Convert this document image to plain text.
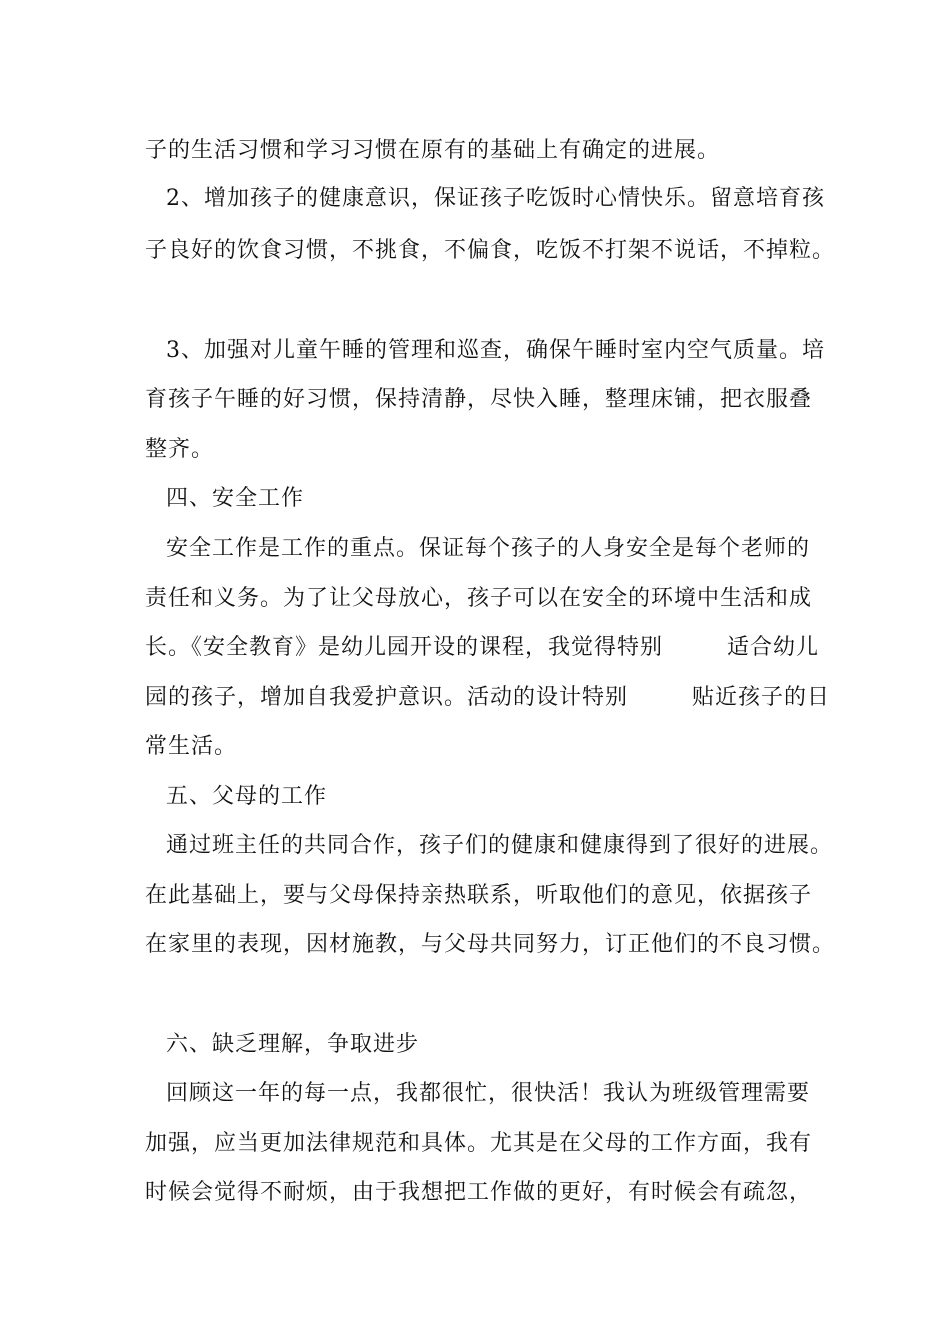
子的生活习惯和学习习惯在原有的基础上有确定的进展。
2、增加孩子的健康意识，保证孩子吃饭时心情快乐。留意培育孩
子良好的饮食习惯，不挑食，不偏食，吃饭不打架不说话，不掉粒。
3、加强对儿童午睡的管理和巡查，确保午睡时室内空气质量。培
育孩子午睡的好习惯，保持清静，尽快入睡，整理床铺，把衣服叠
整齐。
四、安全工作
安全工作是工作的重点。保证每个孩子的人身安全是每个老师的
责任和义务。为了让父母放心，孩子可以在安全的环境中生活和成
长。《安全教育》是幼儿园开设的课程，我觉得特别        适合幼儿
园的孩子，增加自我爱护意识。活动的设计特别        贴近孩子的日
常生活。
五、父母的工作
通过班主任的共同合作，孩子们的健康和健康得到了很好的进展。
在此基础上，要与父母保持亲热联系，听取他们的意见，依据孩子
在家里的表现，因材施教，与父母共同努力，订正他们的不良习惯。
六、缺乏理解，争取进步
回顾这一年的每一点，我都很忙，很快活！我认为班级管理需要
加强，应当更加法律规范和具体。尤其是在父母的工作方面，我有
时候会觉得不耐烦，由于我想把工作做的更好，有时候会有疏忽，
